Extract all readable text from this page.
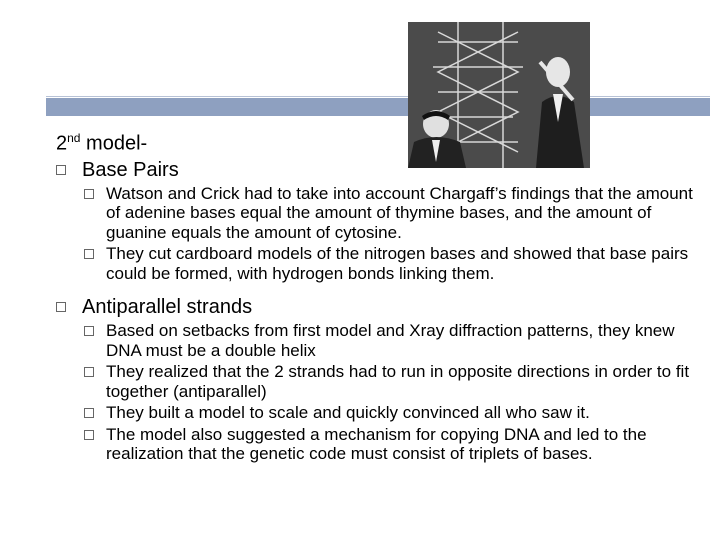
2nd model-
Base Pairs
Watson and Crick had to take into account Chargaff’s findings that the amount of adenine bases equal the amount of thymine bases, and the amount of guanine equals the amount of cytosine.
They cut cardboard models of the nitrogen bases and showed that base pairs could be formed, with hydrogen bonds linking them.
Antiparallel strands
Based on setbacks from first model and Xray diffraction patterns, they knew DNA must be a double helix
They realized that the 2 strands had to run in opposite directions in order to fit together (antiparallel)
They built a model to scale and quickly convinced all who saw it.
The model also suggested a mechanism for copying DNA and led to the realization that the genetic code must consist of triplets of bases.
